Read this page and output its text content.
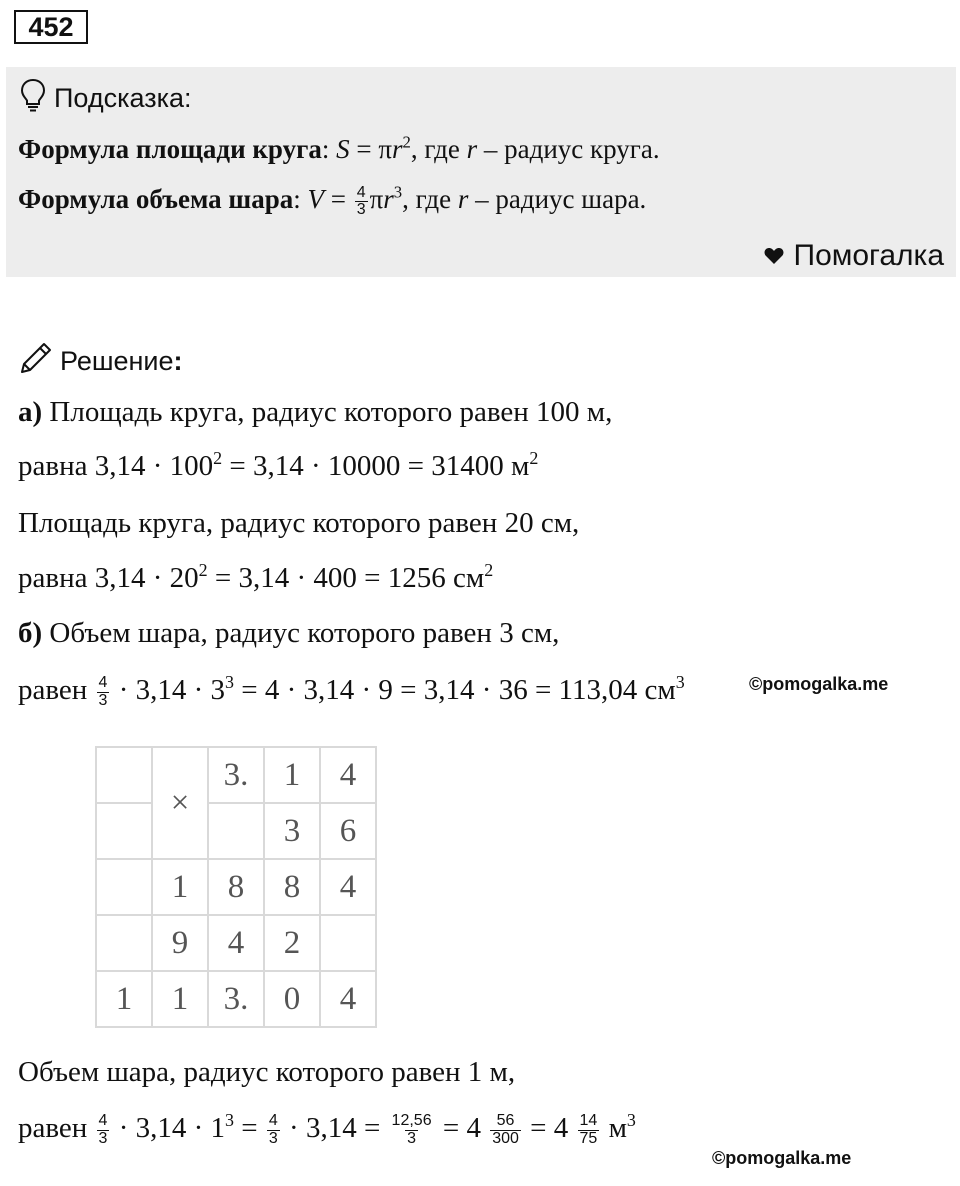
452
Подсказка:
Формула площади круга: $S = \pi r^2$, где r – радиус круга.
Формула объема шара: $V = \frac{4}{3} \pi r^3$, где r – радиус шара.
Помогалка
Решение:
а) Площадь круга, радиус которого равен 100 м,
равна $3,14 \cdot 100^2 = 3,14 \cdot 10000 = 31400$ $м^2$
Площадь круга, радиус которого равен 20 см,
равна $3,14 \cdot 20^2 = 3,14 \cdot 400 = 1256$ $см^2$
б) Объем шара, радиус которого равен 3 см,
равен $\frac{4}{3} \cdot 3,14 \cdot 3^3 = 4 \cdot 3,14 \cdot 9 = 3,14 \cdot 36 = 113,04$ $см^3$	©pomogalka.me
	×	3.	1	4
			3	6
	1	8	8	4
	9	4	2	
1	1	3.	0	4
Объем шара, радиус которого равен 1 м,
равен $\frac{4}{3} \cdot 3,14 \cdot 1^3 = \frac{4}{3} \cdot 3,14 = \frac{12,56}{3} = 4 \frac{56}{300} = 4 \frac{14}{75} м^3$
©pomogalka.me
